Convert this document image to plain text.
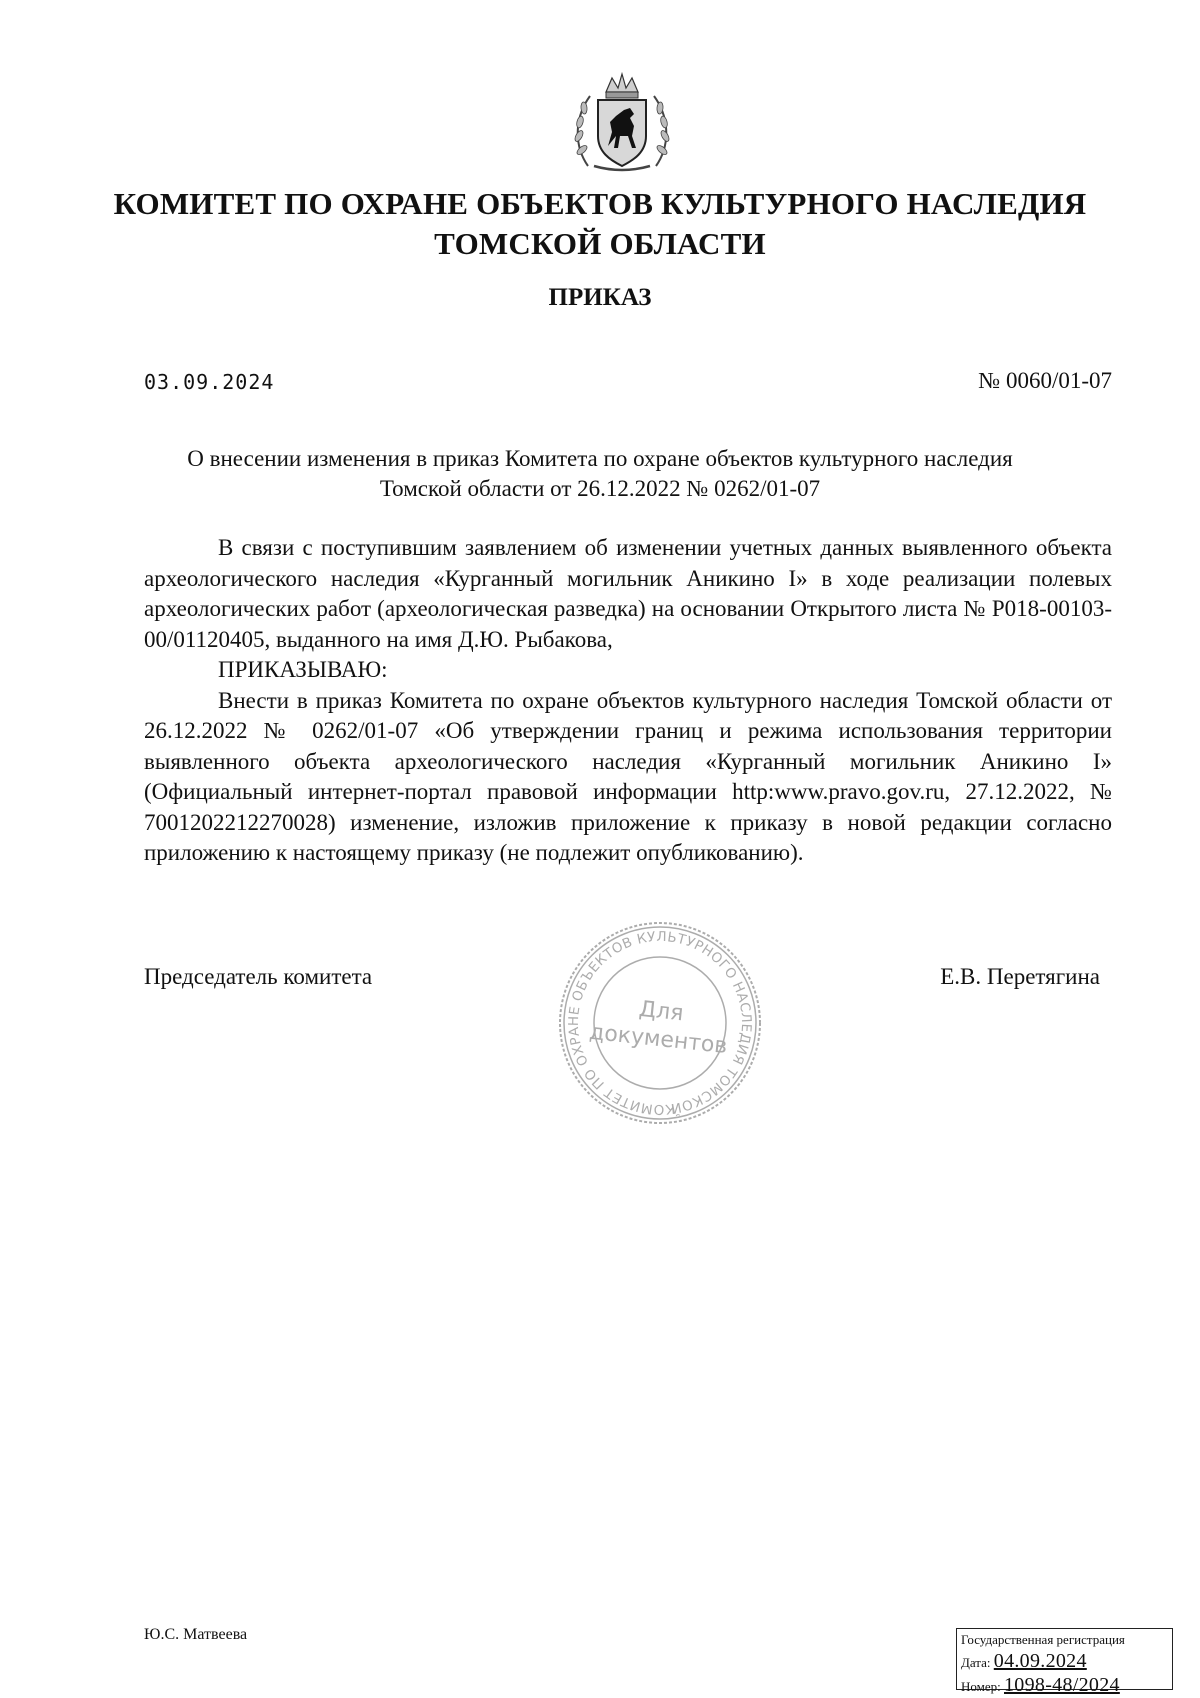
КОМИТЕТ ПО ОХРАНЕ ОБЪЕКТОВ КУЛЬТУРНОГО НАСЛЕДИЯ
ТОМСКОЙ ОБЛАСТИ
ПРИКАЗ
03.09.2024	№ 0060/01-07
О внесении изменения в приказ Комитета по охране объектов культурного наследия
Томской области от 26.12.2022 № 0262/01-07

В связи с поступившим заявлением об изменении учетных данных выявленного объекта археологического наследия «Курганный могильник Аникино I» в ходе реализации полевых археологических работ (археологическая разведка) на основании Открытого листа № Р018-00103-00/01120405, выданного на имя Д.Ю. Рыбакова,

ПРИКАЗЫВАЮ:

Внести в приказ Комитета по охране объектов культурного наследия Томской области от 26.12.2022 № 0262/01-07 «Об утверждении границ и режима использования территории выявленного объекта археологического наследия «Курганный могильник Аникино I» (Официальный интернет-портал правовой информации http:www.pravo.gov.ru, 27.12.2022, № 7001202212270028) изменение, изложив приложение к приказу в новой редакции согласно приложению к настоящему приказу (не подлежит опубликованию).

Председатель комитета	Е.В. Перетягина
КОМИТЕТ ПО ОХРАНЕ ОБЪЕКТОВ КУЛЬТУРНОГО НАСЛЕДИЯ ТОМСКОЙ
Для
документов
Ю.С. Матвеева	Государственная регистрация
Дата: 04.09.2024
Номер: 1098-48/2024
